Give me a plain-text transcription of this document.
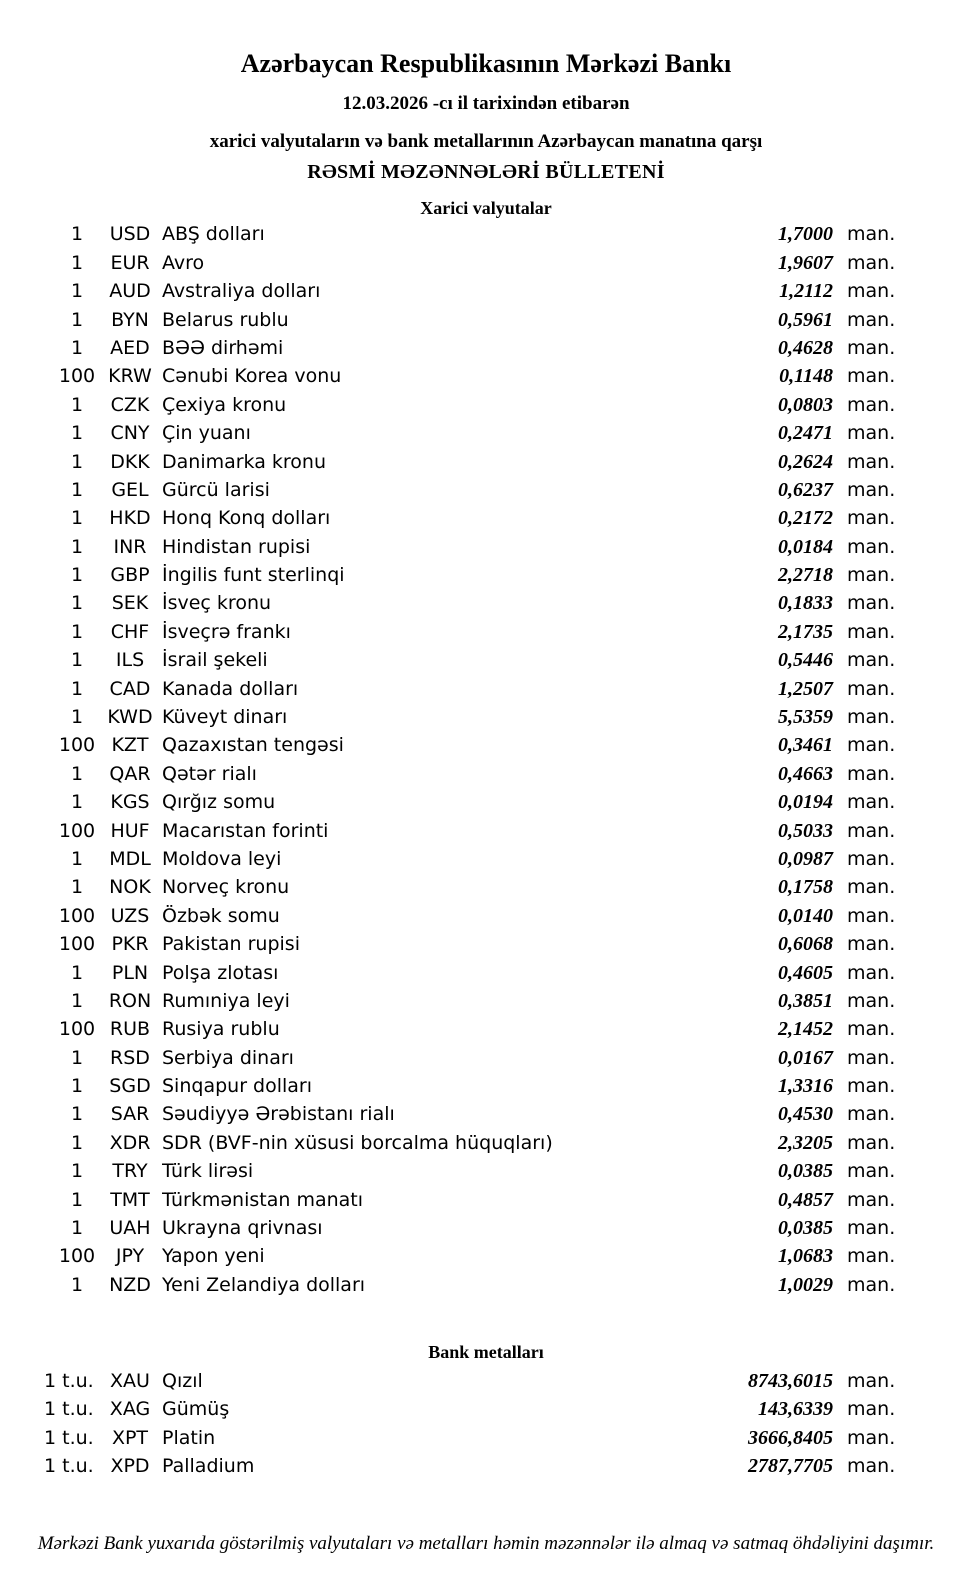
Azərbaycan Respublikasının Mərkəzi Bankı
12.03.2026 -cı il tarixindən etibarən
xarici valyutaların və bank metallarının Azərbaycan manatına qarşı
RƏSMİ MƏZƏNNƏLƏRİ BÜLLETENİ
Xarici valyutalar
1	USD ABŞ dolları	1,7000 man.
1	EUR Avro	1,9607 man.
1	AUD Avstraliya dolları	1,2112 man.
1	BYN Belarus rublu	0,5961 man.
1	AED BƏƏ dirhəmi	0,4628 man.
100 KRW Cənubi Korea vonu	0,1148 man.
1	CZK Çexiya kronu	0,0803 man.
1	CNY Çin yuanı	0,2471 man.
1	DKK Danimarka kronu	0,2624 man.
1	GEL Gürcü larisi	0,6237 man.
1	HKD Honq Konq dolları	0,2172 man.
1	INR Hindistan rupisi	0,0184 man.
1	GBP İngilis funt sterlinqi	2,2718 man.
1	SEK İsveç kronu	0,1833 man.
1	CHF İsveçrə frankı	2,1735 man.
1	ILS İsrail şekeli	0,5446 man.
1	CAD Kanada dolları	1,2507 man.
1	KWD Küveyt dinarı	5,5359 man.
100 KZT Qazaxıstan tengəsi	0,3461 man.
1	QAR Qətər rialı	0,4663 man.
1	KGS Qırğız somu	0,0194 man.
100 HUF Macarıstan forinti	0,5033 man.
1	MDL Moldova leyi	0,0987 man.
1	NOK Norveç kronu	0,1758 man.
100 UZS Özbək somu	0,0140 man.
100 PKR Pakistan rupisi	0,6068 man.
1	PLN Polşa zlotası	0,4605 man.
1	RON Rumıniya leyi	0,3851 man.
100 RUB Rusiya rublu	2,1452 man.
1	RSD Serbiya dinarı	0,0167 man.
1	SGD Sinqapur dolları	1,3316 man.
1	SAR Səudiyyə Ərəbistanı rialı	0,4530 man.
1	XDR SDR (BVF-nin xüsusi borcalma hüquqları)	2,3205 man.
1	TRY Türk lirəsi	0,0385 man.
1	TMT Türkmənistan manatı	0,4857 man.
1	UAH Ukrayna qrivnası	0,0385 man.
100	JPY Yapon yeni	1,0683 man.
1	NZD Yeni Zelandiya dolları	1,0029 man.
Bank metalları
1 t.u. XAU Qızıl	8743,6015 man.
1 t.u. XAG Gümüş	143,6339 man.
1 t.u. XPT Platin	3666,8405 man.
1 t.u. XPD Palladium	2787,7705 man.
Mərkəzi Bank yuxarıda göstərilmiş valyutaları və metalları həmin məzənnələr ilə almaq və satmaq öhdəliyini daşımır.
